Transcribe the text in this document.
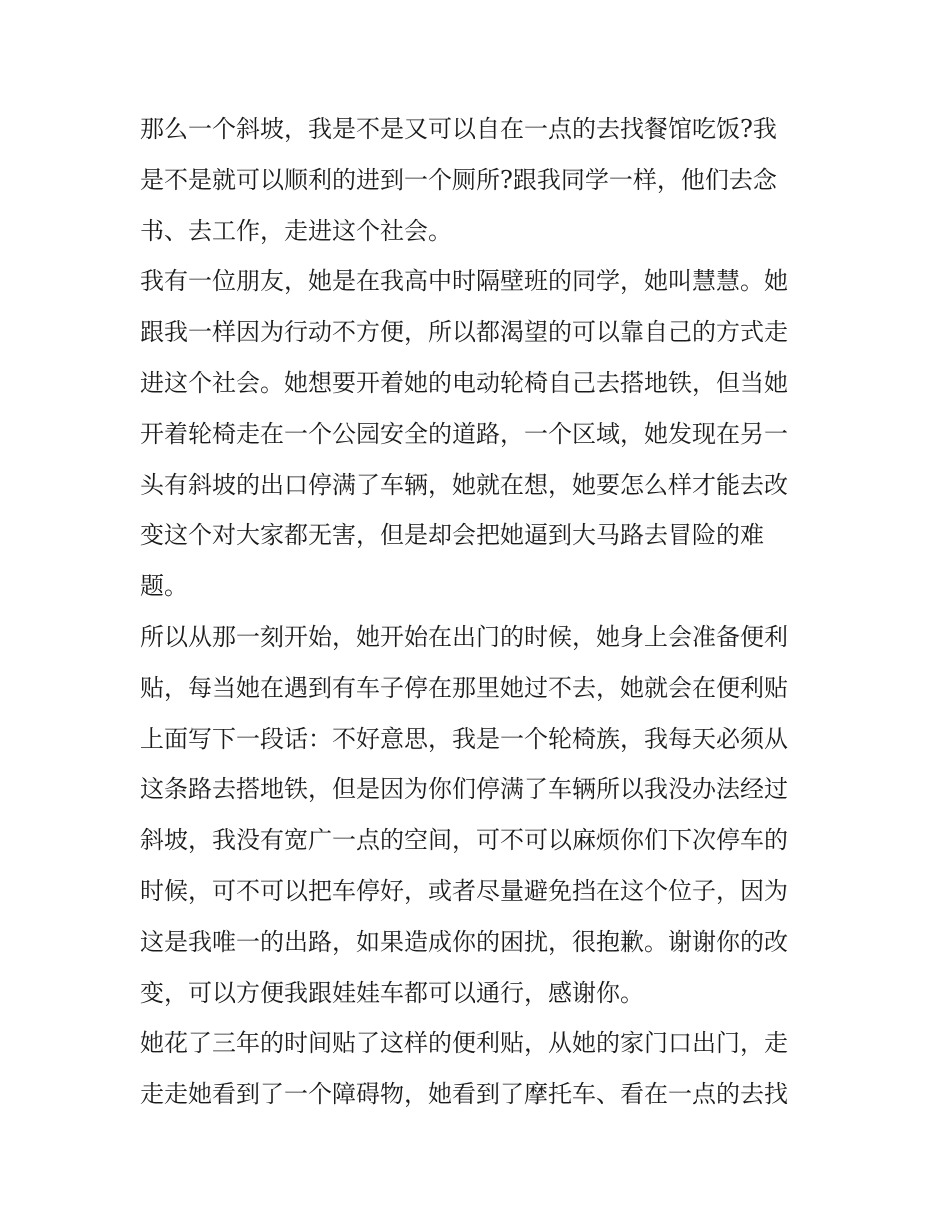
那么一个斜坡，我是不是又可以自在一点的去找餐馆吃饭?我
是不是就可以顺利的进到一个厕所?跟我同学一样，他们去念
书、去工作，走进这个社会。
我有一位朋友，她是在我高中时隔壁班的同学，她叫慧慧。她
跟我一样因为行动不方便，所以都渴望的可以靠自己的方式走
进这个社会。她想要开着她的电动轮椅自己去搭地铁，但当她
开着轮椅走在一个公园安全的道路，一个区域，她发现在另一
头有斜坡的出口停满了车辆，她就在想，她要怎么样才能去改
变这个对大家都无害，但是却会把她逼到大马路去冒险的难
题。
所以从那一刻开始，她开始在出门的时候，她身上会准备便利
贴，每当她在遇到有车子停在那里她过不去，她就会在便利贴
上面写下一段话：不好意思，我是一个轮椅族，我每天必须从
这条路去搭地铁，但是因为你们停满了车辆所以我没办法经过
斜坡，我没有宽广一点的空间，可不可以麻烦你们下次停车的
时候，可不可以把车停好，或者尽量避免挡在这个位子，因为
这是我唯一的出路，如果造成你的困扰，很抱歉。谢谢你的改
变，可以方便我跟娃娃车都可以通行，感谢你。
她花了三年的时间贴了这样的便利贴，从她的家门口出门，走
走走她看到了一个障碍物，她看到了摩托车、看在一点的去找
